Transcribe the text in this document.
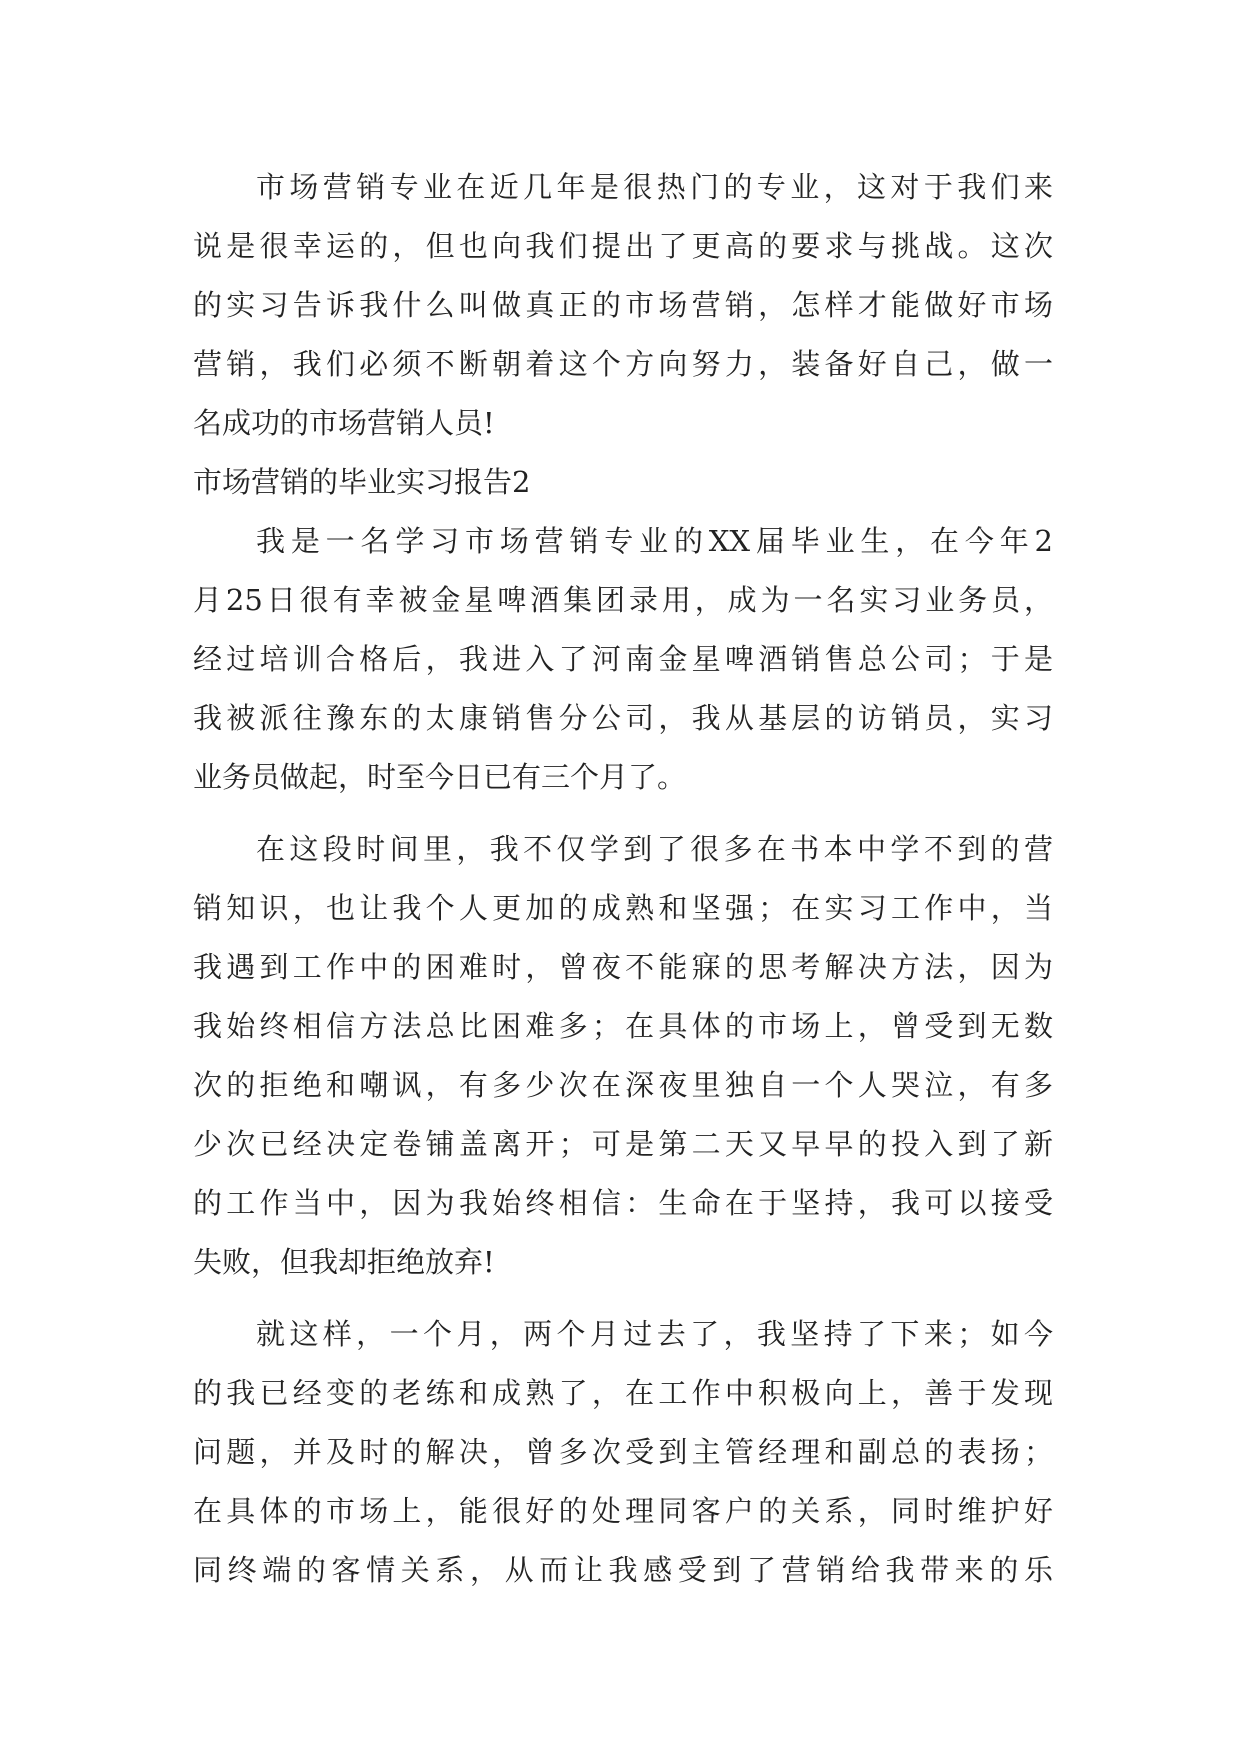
市场营销专业在近几年是很热门的专业，这对于我们来
说是很幸运的，但也向我们提出了更高的要求与挑战。这次
的实习告诉我什么叫做真正的市场营销，怎样才能做好市场
营销，我们必须不断朝着这个方向努力，装备好自己，做一
名成功的市场营销人员!
市场营销的毕业实习报告2
我是一名学习市场营销专业的XX届毕业生，在今年2
月25日很有幸被金星啤酒集团录用，成为一名实习业务员，
经过培训合格后，我进入了河南金星啤酒销售总公司；于是
我被派往豫东的太康销售分公司，我从基层的访销员，实习
业务员做起，时至今日已有三个月了。
在这段时间里，我不仅学到了很多在书本中学不到的营
销知识，也让我个人更加的成熟和坚强；在实习工作中，当
我遇到工作中的困难时，曾夜不能寐的思考解决方法，因为
我始终相信方法总比困难多；在具体的市场上，曾受到无数
次的拒绝和嘲讽，有多少次在深夜里独自一个人哭泣，有多
少次已经决定卷铺盖离开；可是第二天又早早的投入到了新
的工作当中，因为我始终相信：生命在于坚持，我可以接受
失败，但我却拒绝放弃!
就这样，一个月，两个月过去了，我坚持了下来；如今
的我已经变的老练和成熟了，在工作中积极向上，善于发现
问题，并及时的解决，曾多次受到主管经理和副总的表扬；
在具体的市场上，能很好的处理同客户的关系，同时维护好
同终端的客情关系，从而让我感受到了营销给我带来的乐
